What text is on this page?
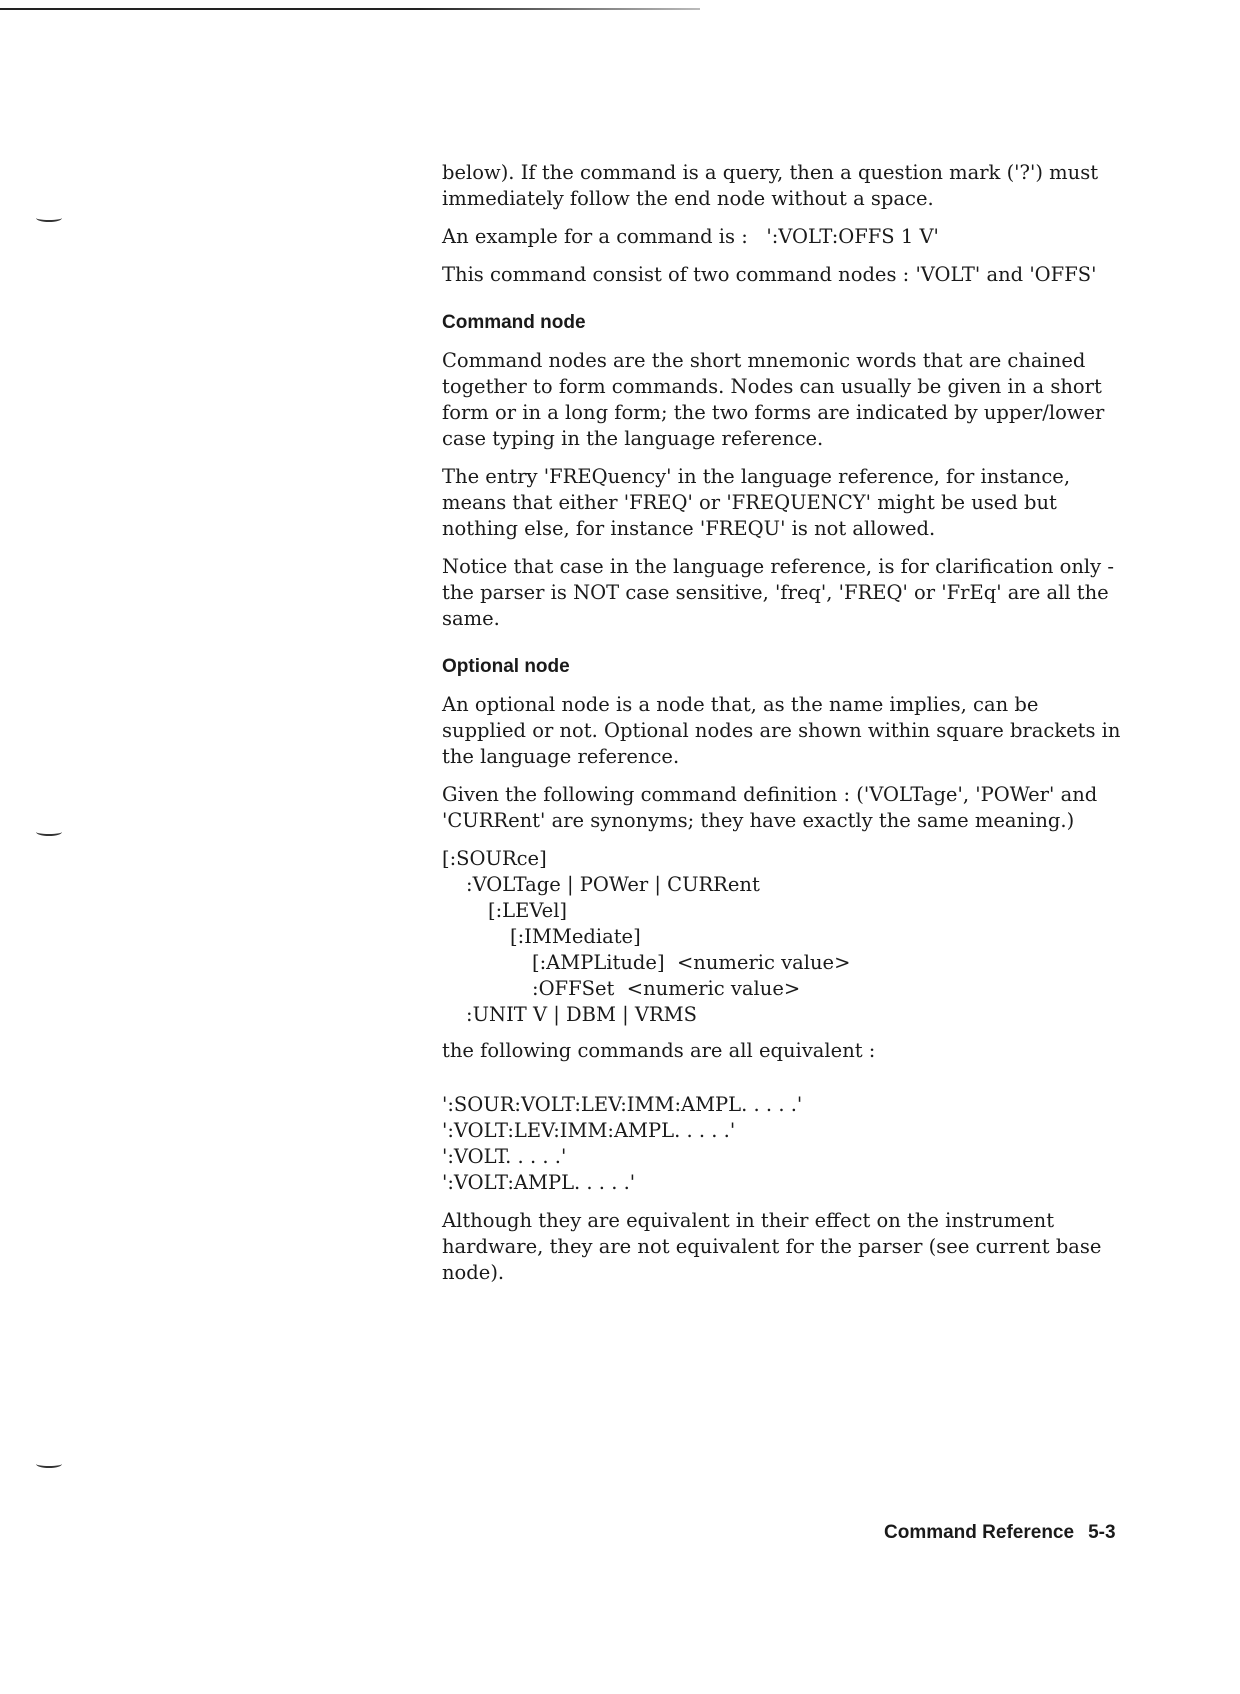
below). If the command is a query, then a question mark ('?') must immediately follow the end node without a space.

An example for a command is :   ':VOLT:OFFS 1 V'

This command consist of two command nodes : 'VOLT' and 'OFFS'

Command node

Command nodes are the short mnemonic words that are chained together to form commands. Nodes can usually be given in a short form or in a long form; the two forms are indicated by upper/lower case typing in the language reference.

The entry 'FREQuency' in the language reference, for instance, means that either 'FREQ' or 'FREQUENCY' might be used but nothing else, for instance 'FREQU' is not allowed.

Notice that case in the language reference, is for clarification only - the parser is NOT case sensitive, 'freq', 'FREQ' or 'FrEq' are all the same.

Optional node

An optional node is a node that, as the name implies, can be supplied or not. Optional nodes are shown within square brackets in the language reference.

Given the following command definition : ('VOLTage', 'POWer' and 'CURRent' are synonyms; they have exactly the same meaning.)

[:SOURce]
:VOLTage | POWer | CURRent
[:LEVel]
[:IMMediate]
[:AMPLitude]  <numeric value>
:OFFSet  <numeric value>
:UNIT V | DBM | VRMS

the following commands are all equivalent :

':SOUR:VOLT:LEV:IMM:AMPL. . . . .'
':VOLT:LEV:IMM:AMPL. . . . .'
':VOLT. . . . .'
':VOLT:AMPL. . . . .'

Although they are equivalent in their effect on the instrument hardware, they are not equivalent for the parser (see current base node).

Command Reference 5-3
